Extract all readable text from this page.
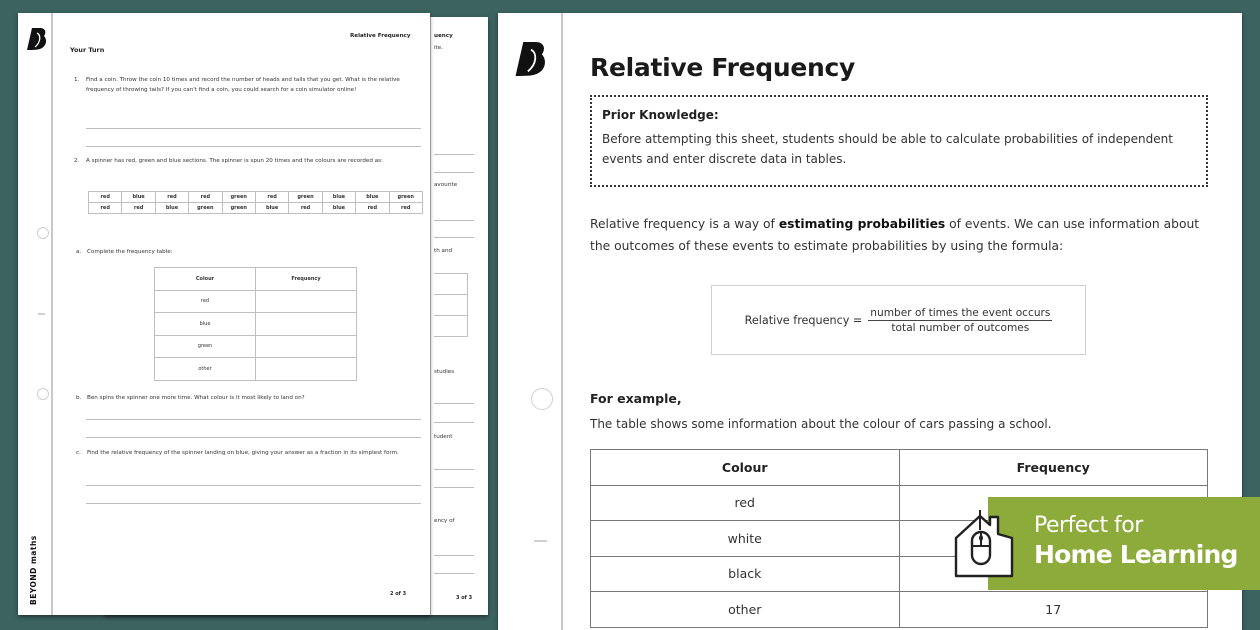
uency
ite.
avourite
th and
studies
tudent
ency of
3 of 3
Relative Frequency
Your Turn
1. Find a coin. Throw the coin 10 times and record the number of heads and tails that you get. What is the relative frequency of throwing tails? If you can't find a coin, you could search for a coin simulator online!
2. A spinner has red, green and blue sections. The spinner is spun 20 times and the colours are recorded as:
red	blue	red	red	green	red	green	blue	blue	green
red	red	blue	green	green	blue	red	blue	red	red
a. Complete the frequency table:
Colour	Frequency
red	
blue	
green	
other	
b. Ben spins the spinner one more time. What colour is it most likely to land on?
c. Find the relative frequency of the spinner landing on blue, giving your answer as a fraction in its simplest form.
BEYOND maths	2 of 3
Relative Frequency
Prior Knowledge:
Before attempting this sheet, students should be able to calculate probabilities of independent events and enter discrete data in tables.
Relative frequency is a way of estimating probabilities of events. We can use information about the outcomes of these events to estimate probabilities by using the formula:
Relative frequency = $\frac{\text{number of times the event occurs}}{\text{total number of outcomes}}$
For example,
The table shows some information about the colour of cars passing a school.
Colour	Frequency
red	
white	
black	
other	17
Perfect for
Home Learning
